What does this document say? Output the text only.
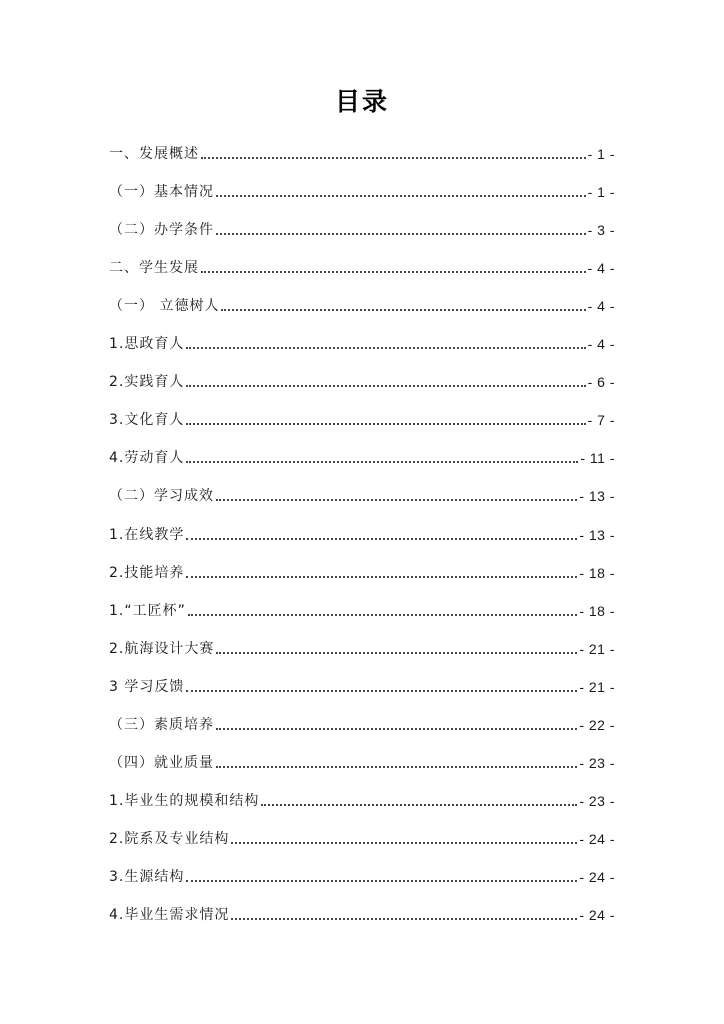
目录
一、发展概述	- 1 -
（一）基本情况	- 1 -
（二）办学条件	- 3 -
二、学生发展	- 4 -
（一） 立德树人	- 4 -
1.思政育人	- 4 -
2.实践育人	- 6 -
3.文化育人	- 7 -
4.劳动育人	- 11 -
（二）学习成效	- 13 -
1.在线教学	- 13 -
2.技能培养	- 18 -
1.“工匠杯”	- 18 -
2.航海设计大赛	- 21 -
3 学习反馈	- 21 -
（三）素质培养	- 22 -
（四）就业质量	- 23 -
1.毕业生的规模和结构	- 23 -
2.院系及专业结构	- 24 -
3.生源结构	- 24 -
4.毕业生需求情况	- 24 -
